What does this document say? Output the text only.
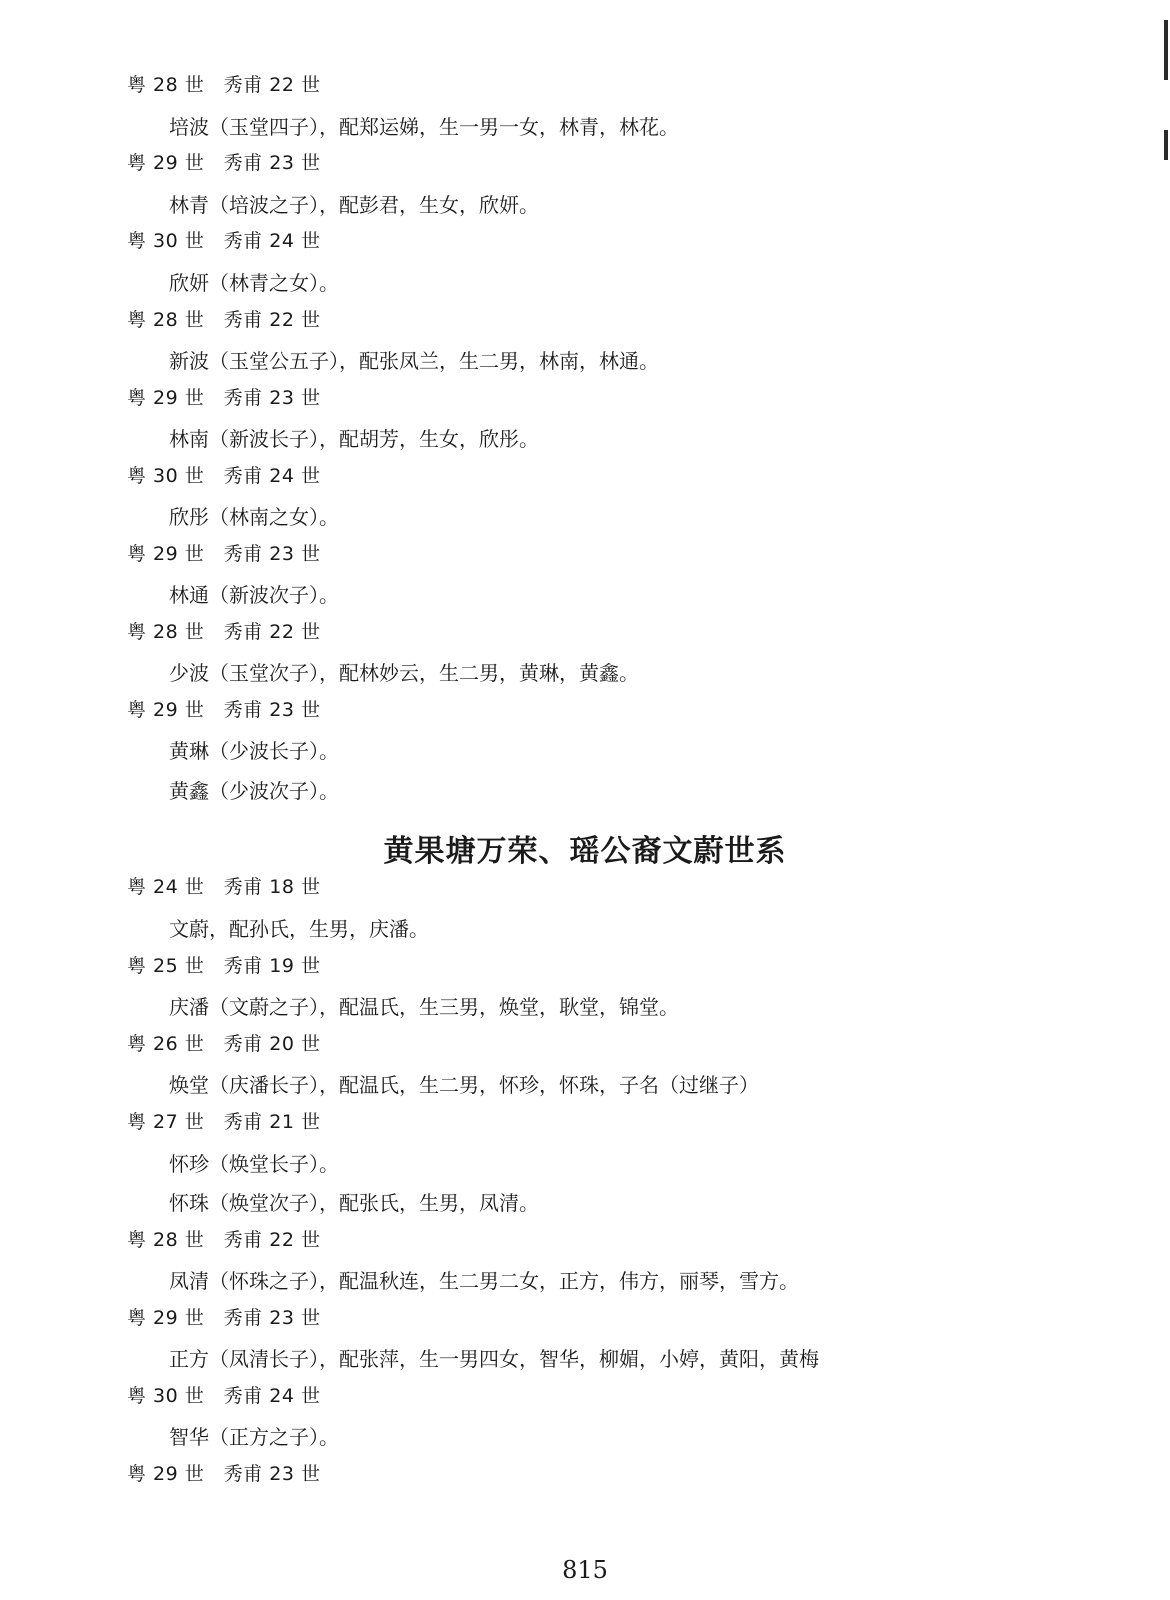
粤 28 世　秀甫 22 世
培波（玉堂四子），配郑运娣，生一男一女，林青，林花。
粤 29 世　秀甫 23 世
林青（培波之子），配彭君，生女，欣妍。
粤 30 世　秀甫 24 世
欣妍（林青之女）。
粤 28 世　秀甫 22 世
新波（玉堂公五子），配张凤兰，生二男，林南，林通。
粤 29 世　秀甫 23 世
林南（新波长子），配胡芳，生女，欣彤。
粤 30 世　秀甫 24 世
欣彤（林南之女）。
粤 29 世　秀甫 23 世
林通（新波次子）。
粤 28 世　秀甫 22 世
少波（玉堂次子），配林妙云，生二男，黄琳，黄鑫。
粤 29 世　秀甫 23 世
黄琳（少波长子）。
黄鑫（少波次子）。
黄果塘万荣、瑶公裔文蔚世系
粤 24 世　秀甫 18 世
文蔚，配孙氏，生男，庆潘。
粤 25 世　秀甫 19 世
庆潘（文蔚之子），配温氏，生三男，焕堂，耿堂，锦堂。
粤 26 世　秀甫 20 世
焕堂（庆潘长子），配温氏，生二男，怀珍，怀珠，子名（过继子）
粤 27 世　秀甫 21 世
怀珍（焕堂长子）。
怀珠（焕堂次子），配张氏，生男，凤清。
粤 28 世　秀甫 22 世
凤清（怀珠之子），配温秋连，生二男二女，正方，伟方，丽琴，雪方。
粤 29 世　秀甫 23 世
正方（凤清长子），配张萍，生一男四女，智华，柳媚，小婷，黄阳，黄梅
粤 30 世　秀甫 24 世
智华（正方之子）。
粤 29 世　秀甫 23 世
815
